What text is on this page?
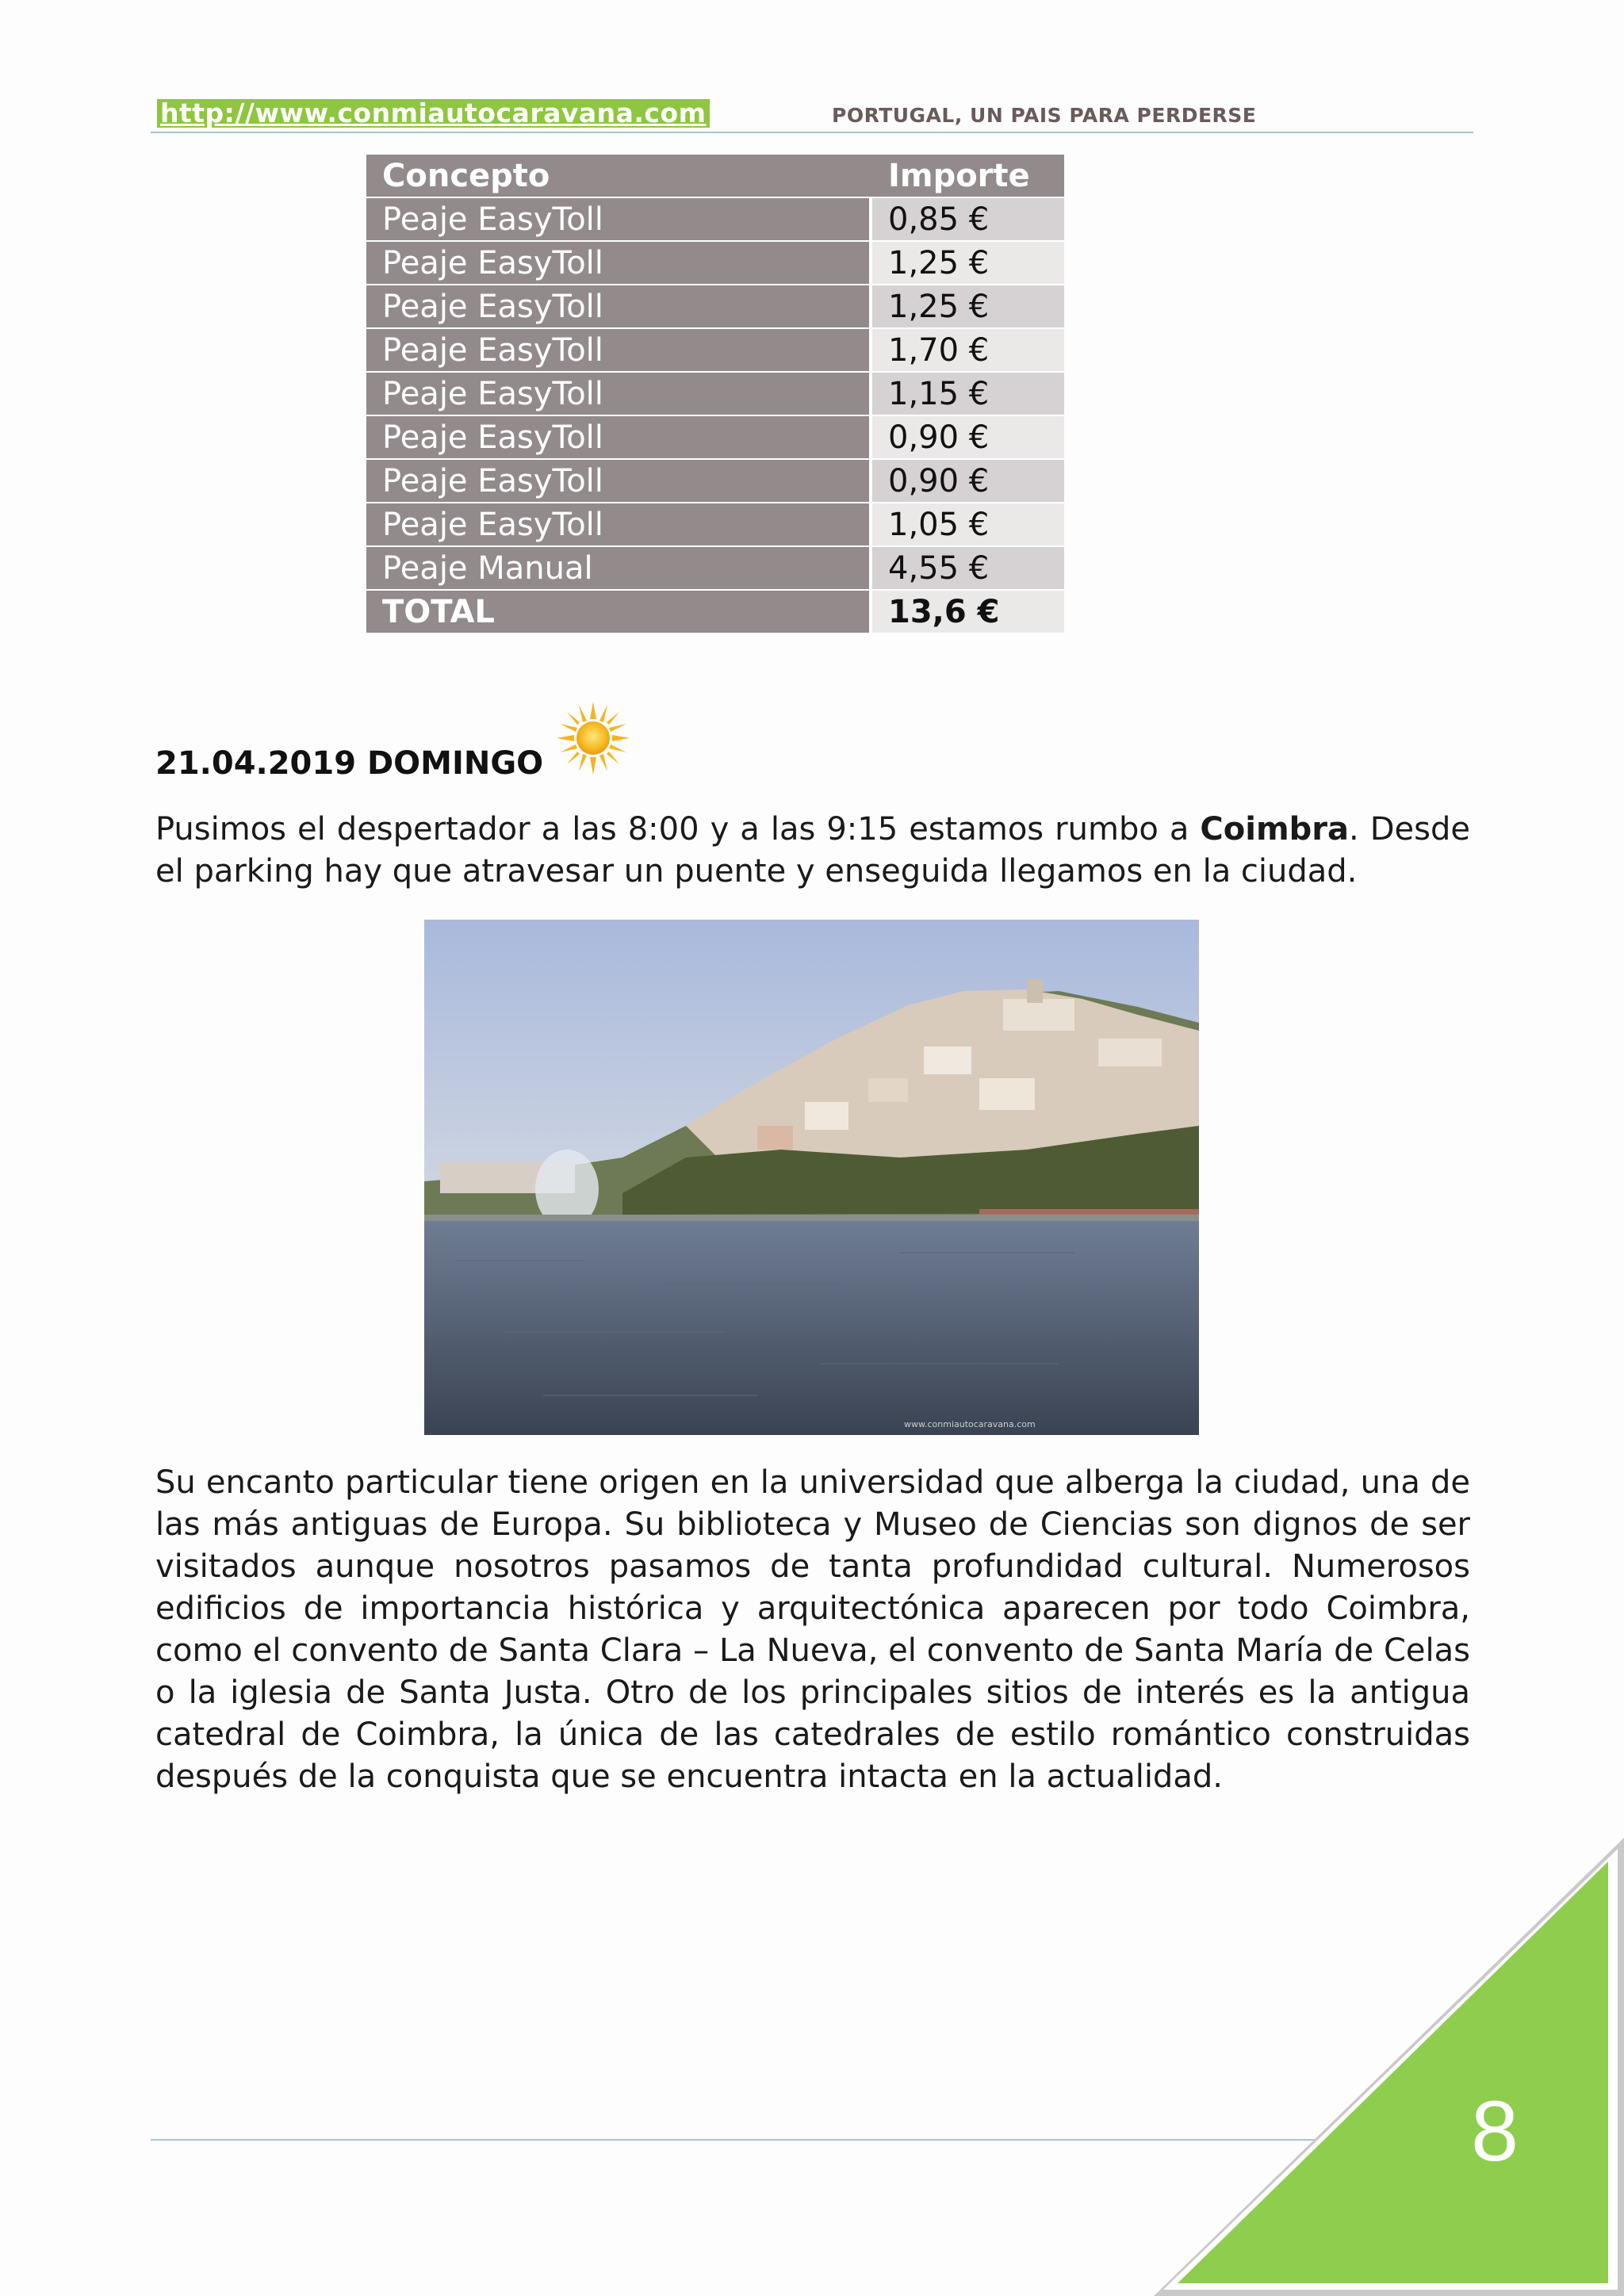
http://www.conmiautocaravana.com	PORTUGAL, UN PAIS PARA PERDERSE
Concepto	Importe
Peaje EasyToll	0,85 €
Peaje EasyToll	1,25 €
Peaje EasyToll	1,25 €
Peaje EasyToll	1,70 €
Peaje EasyToll	1,15 €
Peaje EasyToll	0,90 €
Peaje EasyToll	0,90 €
Peaje EasyToll	1,05 €
Peaje Manual	4,55 €
TOTAL	13,6 €
21.04.2019 DOMINGO

Pusimos el despertador a las 8:00 y a las 9:15 estamos rumbo a Coimbra. Desde el parking hay que atravesar un puente y enseguida llegamos en la ciudad.

www.conmiautocaravana.com

Su encanto particular tiene origen en la universidad que alberga la ciudad, una de las más antiguas de Europa. Su biblioteca y Museo de Ciencias son dignos de ser visitados aunque nosotros pasamos de tanta profundidad cultural. Numerosos edificios de importancia histórica y arquitectónica aparecen por todo Coimbra, como el convento de Santa Clara – La Nueva, el convento de Santa María de Celas o la iglesia de Santa Justa. Otro de los principales sitios de interés es la antigua catedral de Coimbra, la única de las catedrales de estilo romántico construidas después de la conquista que se encuentra intacta en la actualidad.

8
